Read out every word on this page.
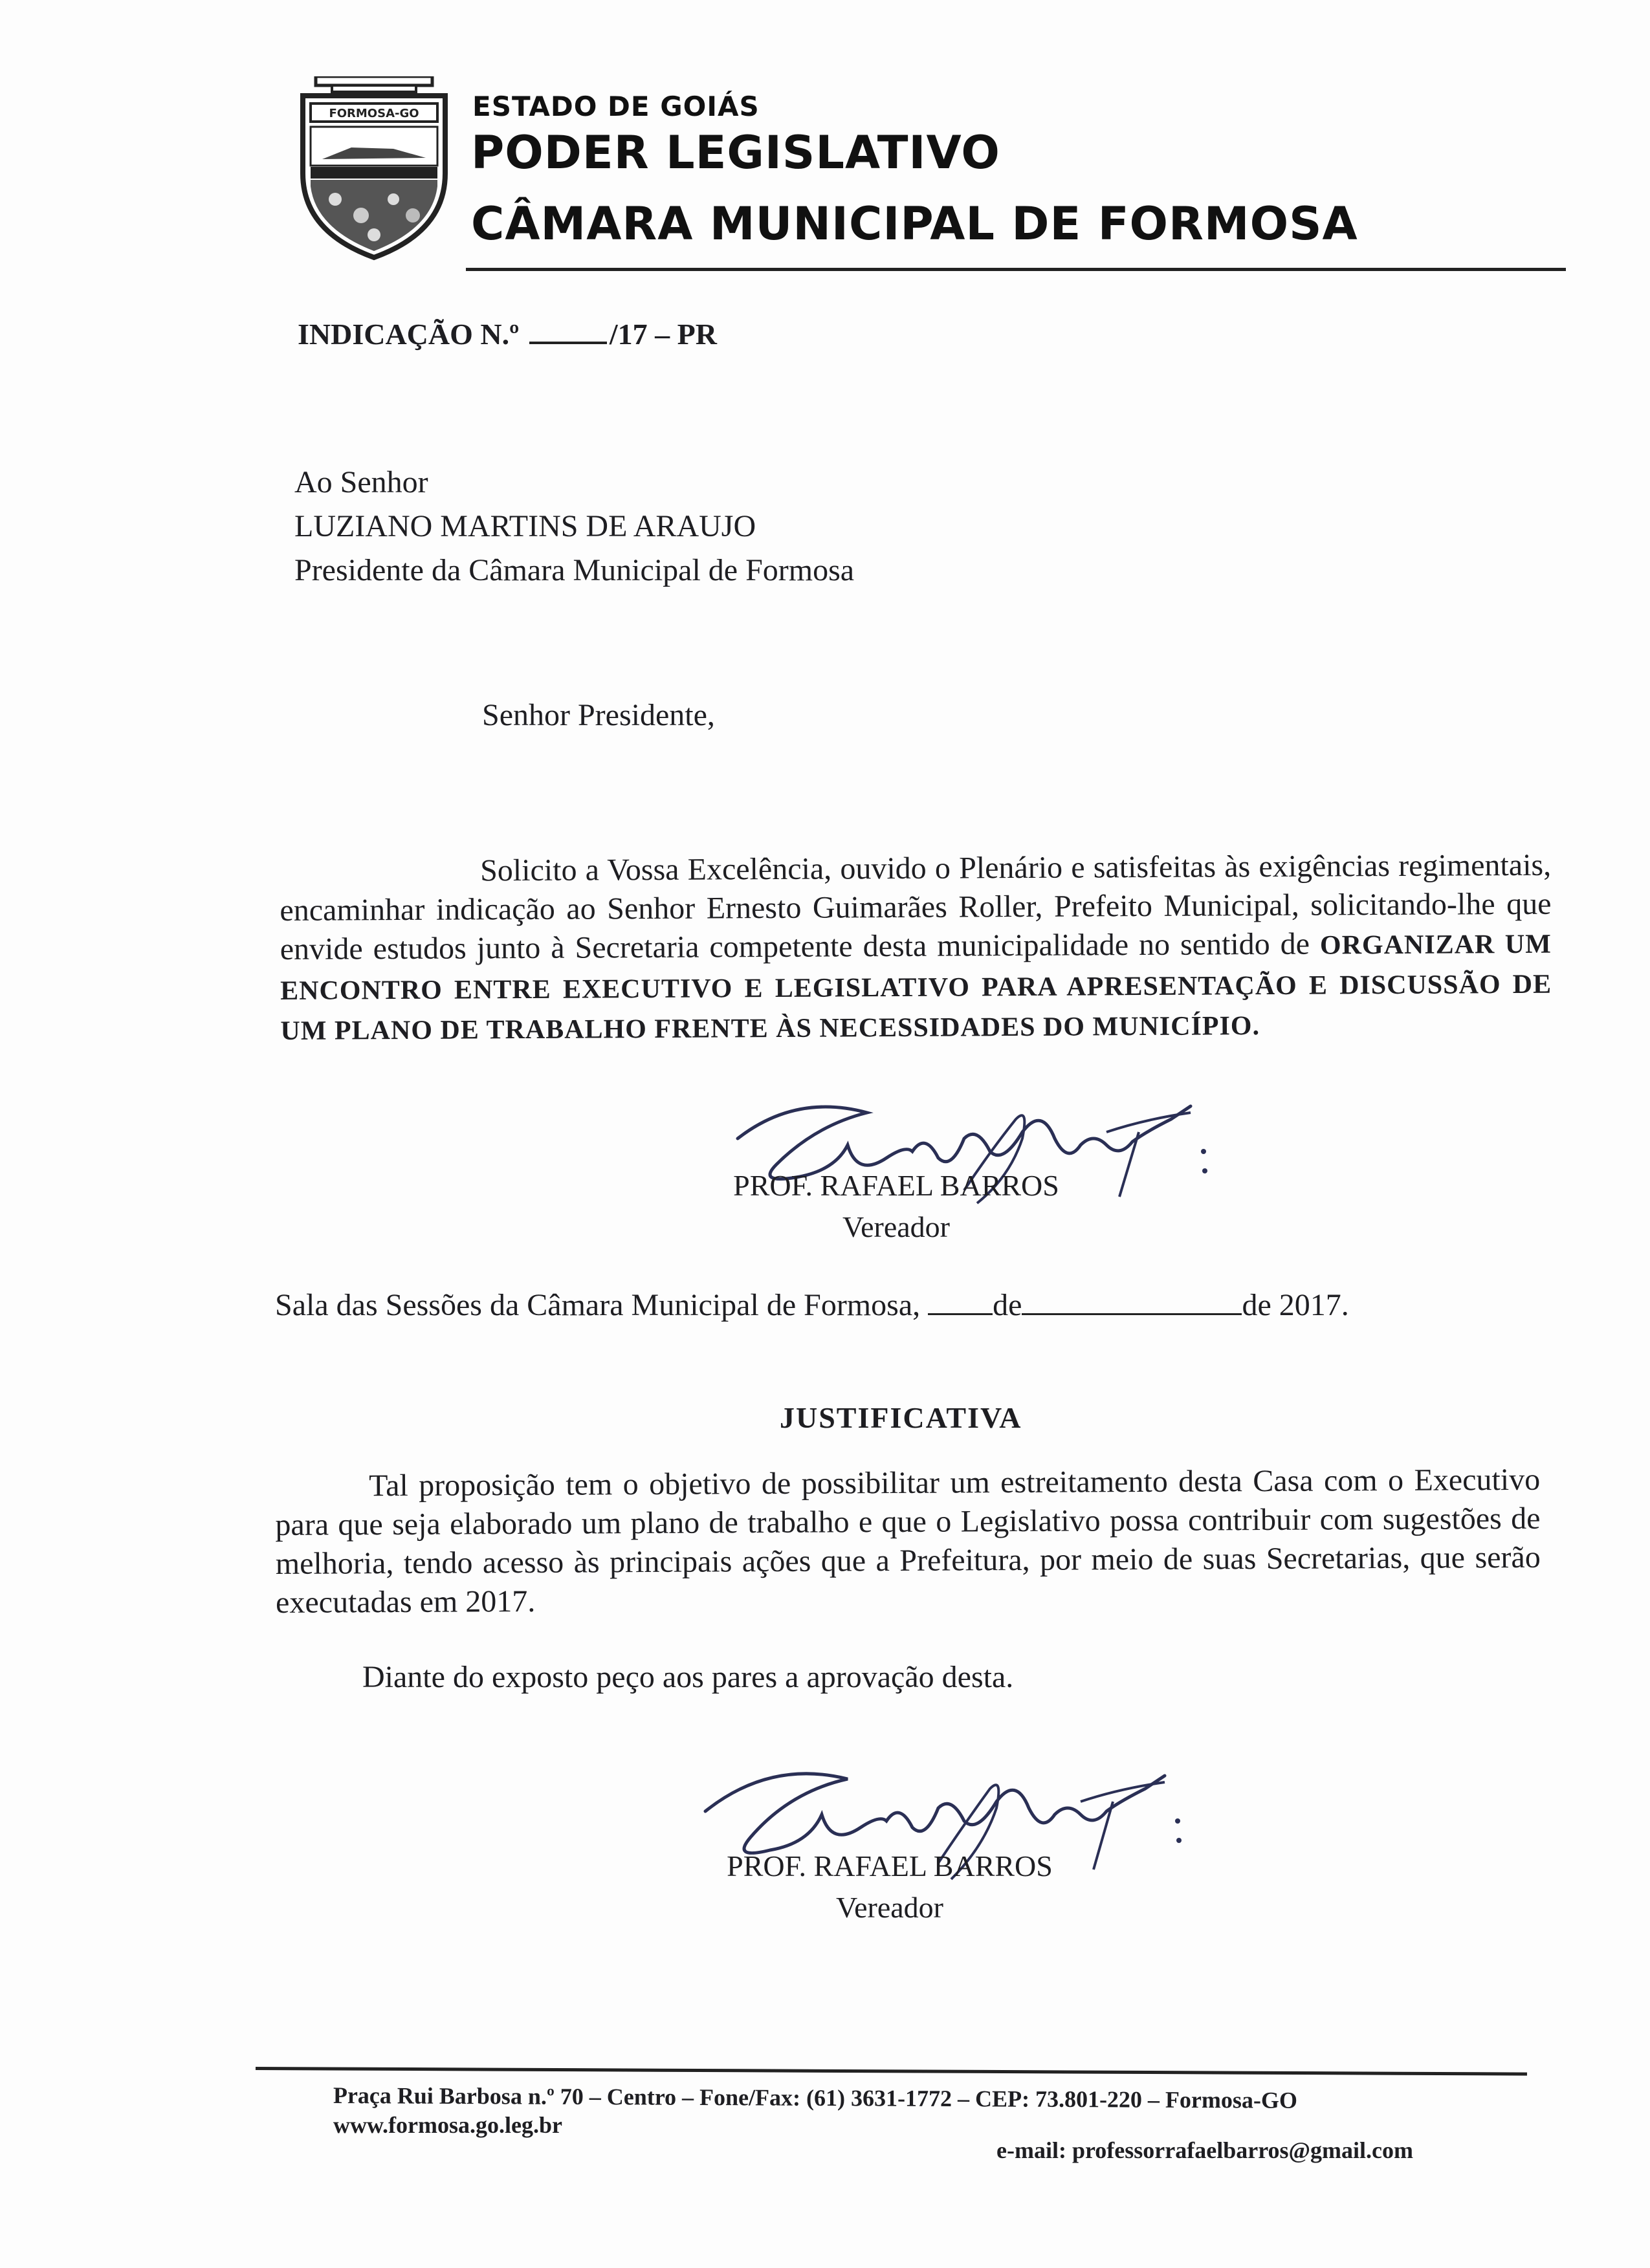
FORMOSA-GO ESTADO DE GOIÁS
PODER LEGISLATIVO
CÂMARA MUNICIPAL DE FORMOSA
INDICAÇÃO N.º	/17 – PR
Ao Senhor
LUZIANO MARTINS DE ARAUJO
Presidente da Câmara Municipal de Formosa
Senhor Presidente,
Solicito a Vossa Excelência, ouvido o Plenário e satisfeitas às exigências regimentais, encaminhar indicação ao Senhor Ernesto Guimarães Roller, Prefeito Municipal, solicitando-lhe que envide estudos junto à Secretaria competente desta municipalidade no sentido de ORGANIZAR UM ENCONTRO ENTRE EXECUTIVO E LEGISLATIVO PARA APRESENTAÇÃO E DISCUSSÃO DE UM PLANO DE TRABALHO FRENTE ÀS NECESSIDADES DO MUNICÍPIO.
PROF. RAFAEL BARROS
Vereador
Sala das Sessões da Câmara Municipal de Formosa, de	de 2017.
JUSTIFICATIVA
Tal proposição tem o objetivo de possibilitar um estreitamento desta Casa com o Executivo para que seja elaborado um plano de trabalho e que o Legislativo possa contribuir com sugestões de melhoria, tendo acesso às principais ações que a Prefeitura, por meio de suas Secretarias, que serão executadas em 2017.
Diante do exposto peço aos pares a aprovação desta.
PROF. RAFAEL BARROS
Vereador
Praça Rui Barbosa n.º 70 – Centro – Fone/Fax: (61) 3631-1772 – CEP: 73.801-220 – Formosa-GO
www.formosa.go.leg.br
e-mail: professorrafaelbarros@gmail.com
